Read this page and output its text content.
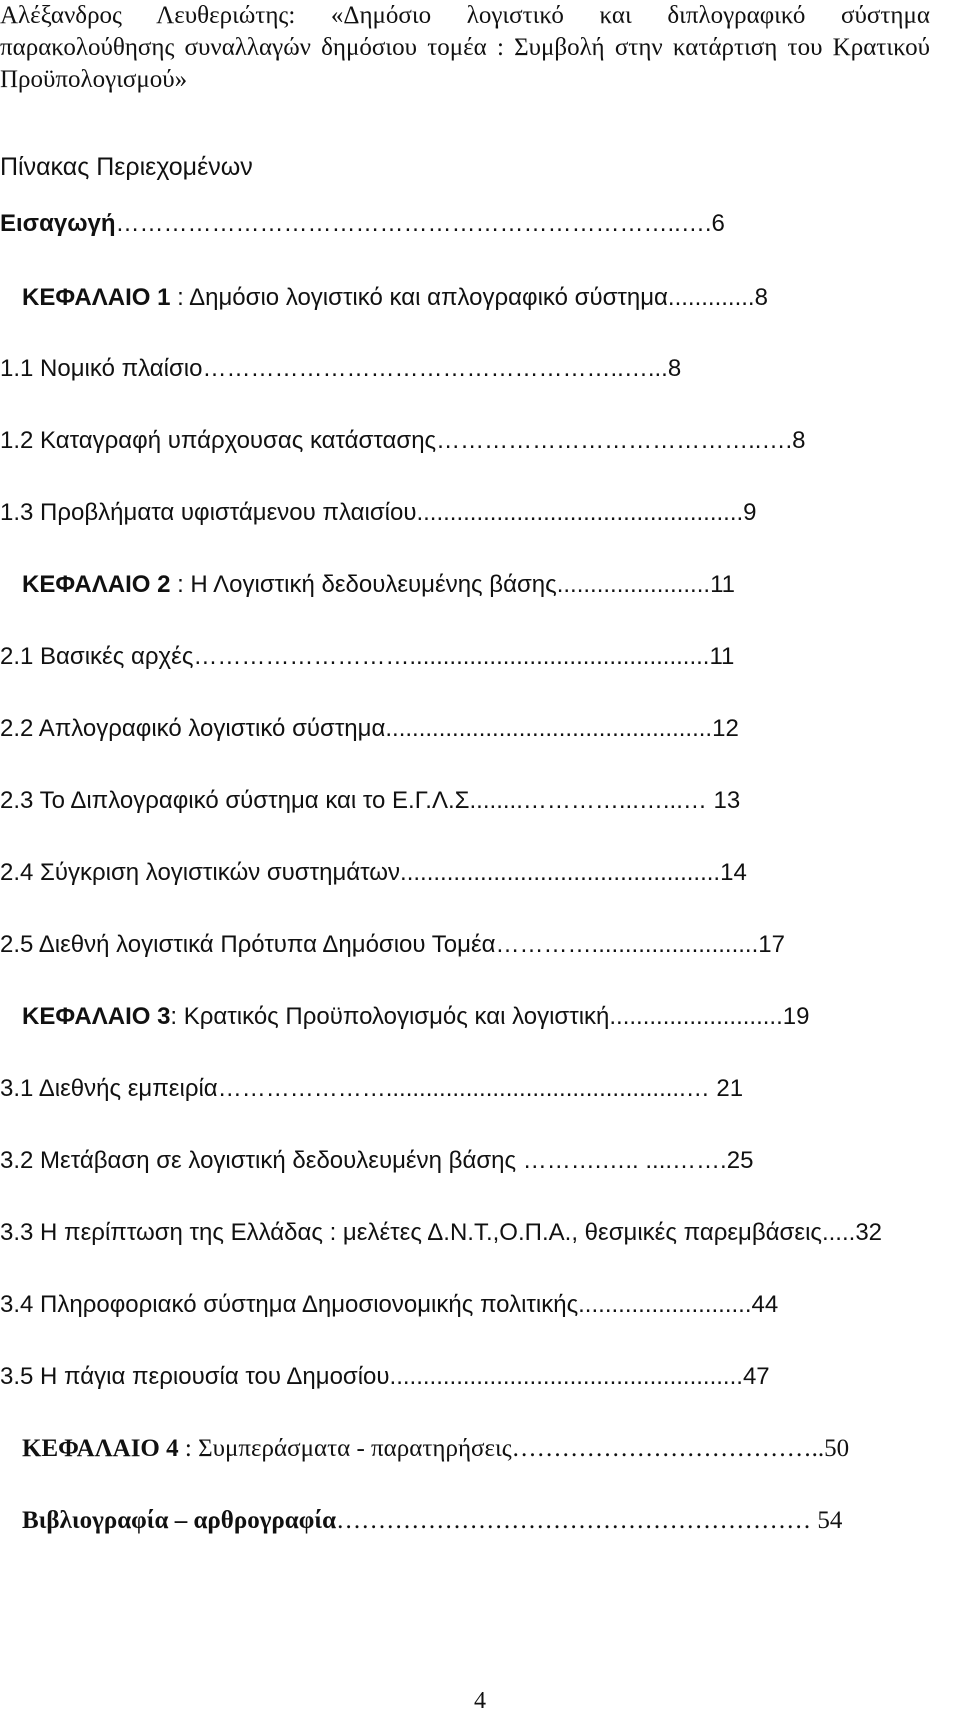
Αλέξανδρος Λευθεριώτης: «Δημόσιο λογιστικό και διπλογραφικό σύστημα παρακολούθησης συναλλαγών δημόσιου τομέα : Συμβολή στην κατάρτιση του Κρατικού Προϋπολογισμού»
Πίνακας Περιεχομένων
Εισαγωγή……………………………………………………………..….6
ΚΕΦΑΛΑΙΟ 1 : Δημόσιο λογιστικό και απλογραφικό σύστημα.............8
1.1 Νομικό πλαίσιο……………………………………………..…...8
1.2 Καταγραφή υπάρχουσας κατάστασης…………………………………..….8
1.3 Προβλήματα υφιστάμενου πλαισίου.................................................9
ΚΕΦΑΛΑΙΟ 2 : Η Λογιστική δεδουλευμένης βάσης.......................11
2.1 Βασικές αρχές……………………….............................................11
2.2 Απλογραφικό λογιστικό σύστημα.................................................12
2.3 Το Διπλογραφικό σύστημα και το Ε.Γ.Λ.Σ........…………...…...… 13
2.4 Σύγκριση λογιστικών συστημάτων................................................14
2.5 Διεθνή λογιστικά Πρότυπα Δημόσιου Τομέα………….........................17
ΚΕΦΑΛΑΙΟ 3: Κρατικός Προϋπολογισμός και λογιστική..........................19
3.1 Διεθνής εμπειρία………………….............................................… 21
3.2 Μετάβαση σε λογιστική δεδουλευμένη βάσης ……….….. ....…….25
3.3 Η περίπτωση της Ελλάδας : μελέτες Δ.Ν.Τ.,Ο.Π.Α., θεσμικές παρεμβάσεις.....32
3.4 Πληροφοριακό σύστημα Δημοσιονομικής πολιτικής..........................44
3.5 Η πάγια περιουσία του Δημοσίου.....................................................47
ΚΕΦΑΛΑΙΟ 4 : Συμπεράσματα - παρατηρήσεις………………………………..50
Βιβλιογραφία – αρθρογραφία………………………………………………… 54
4
